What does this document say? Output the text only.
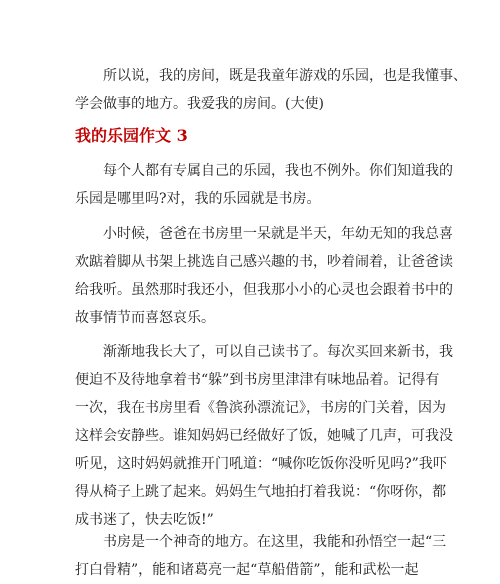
所以说，我的房间，既是我童年游戏的乐园，也是我懂事、
学会做事的地方。我爱我的房间。(大使)

我的乐园作文 3

每个人都有专属自己的乐园，我也不例外。你们知道我的
乐园是哪里吗?对，我的乐园就是书房。

小时候，爸爸在书房里一呆就是半天，年幼无知的我总喜
欢踮着脚从书架上挑选自己感兴趣的书，吵着闹着，让爸爸读
给我听。虽然那时我还小，但我那小小的心灵也会跟着书中的
故事情节而喜怒哀乐。

渐渐地我长大了，可以自己读书了。每次买回来新书，我
便迫不及待地拿着书“躲”到书房里津津有味地品着。记得有
一次，我在书房里看《鲁滨孙漂流记》，书房的门关着，因为
这样会安静些。谁知妈妈已经做好了饭，她喊了几声，可我没
听见，这时妈妈就推开门吼道：“喊你吃饭你没听见吗?”我吓
得从椅子上跳了起来。妈妈生气地拍打着我说：“你呀你，都
成书迷了，快去吃饭!”

书房是一个神奇的地方。在这里，我能和孙悟空一起“三
打白骨精”，能和诸葛亮一起“草船借箭”，能和武松一起
